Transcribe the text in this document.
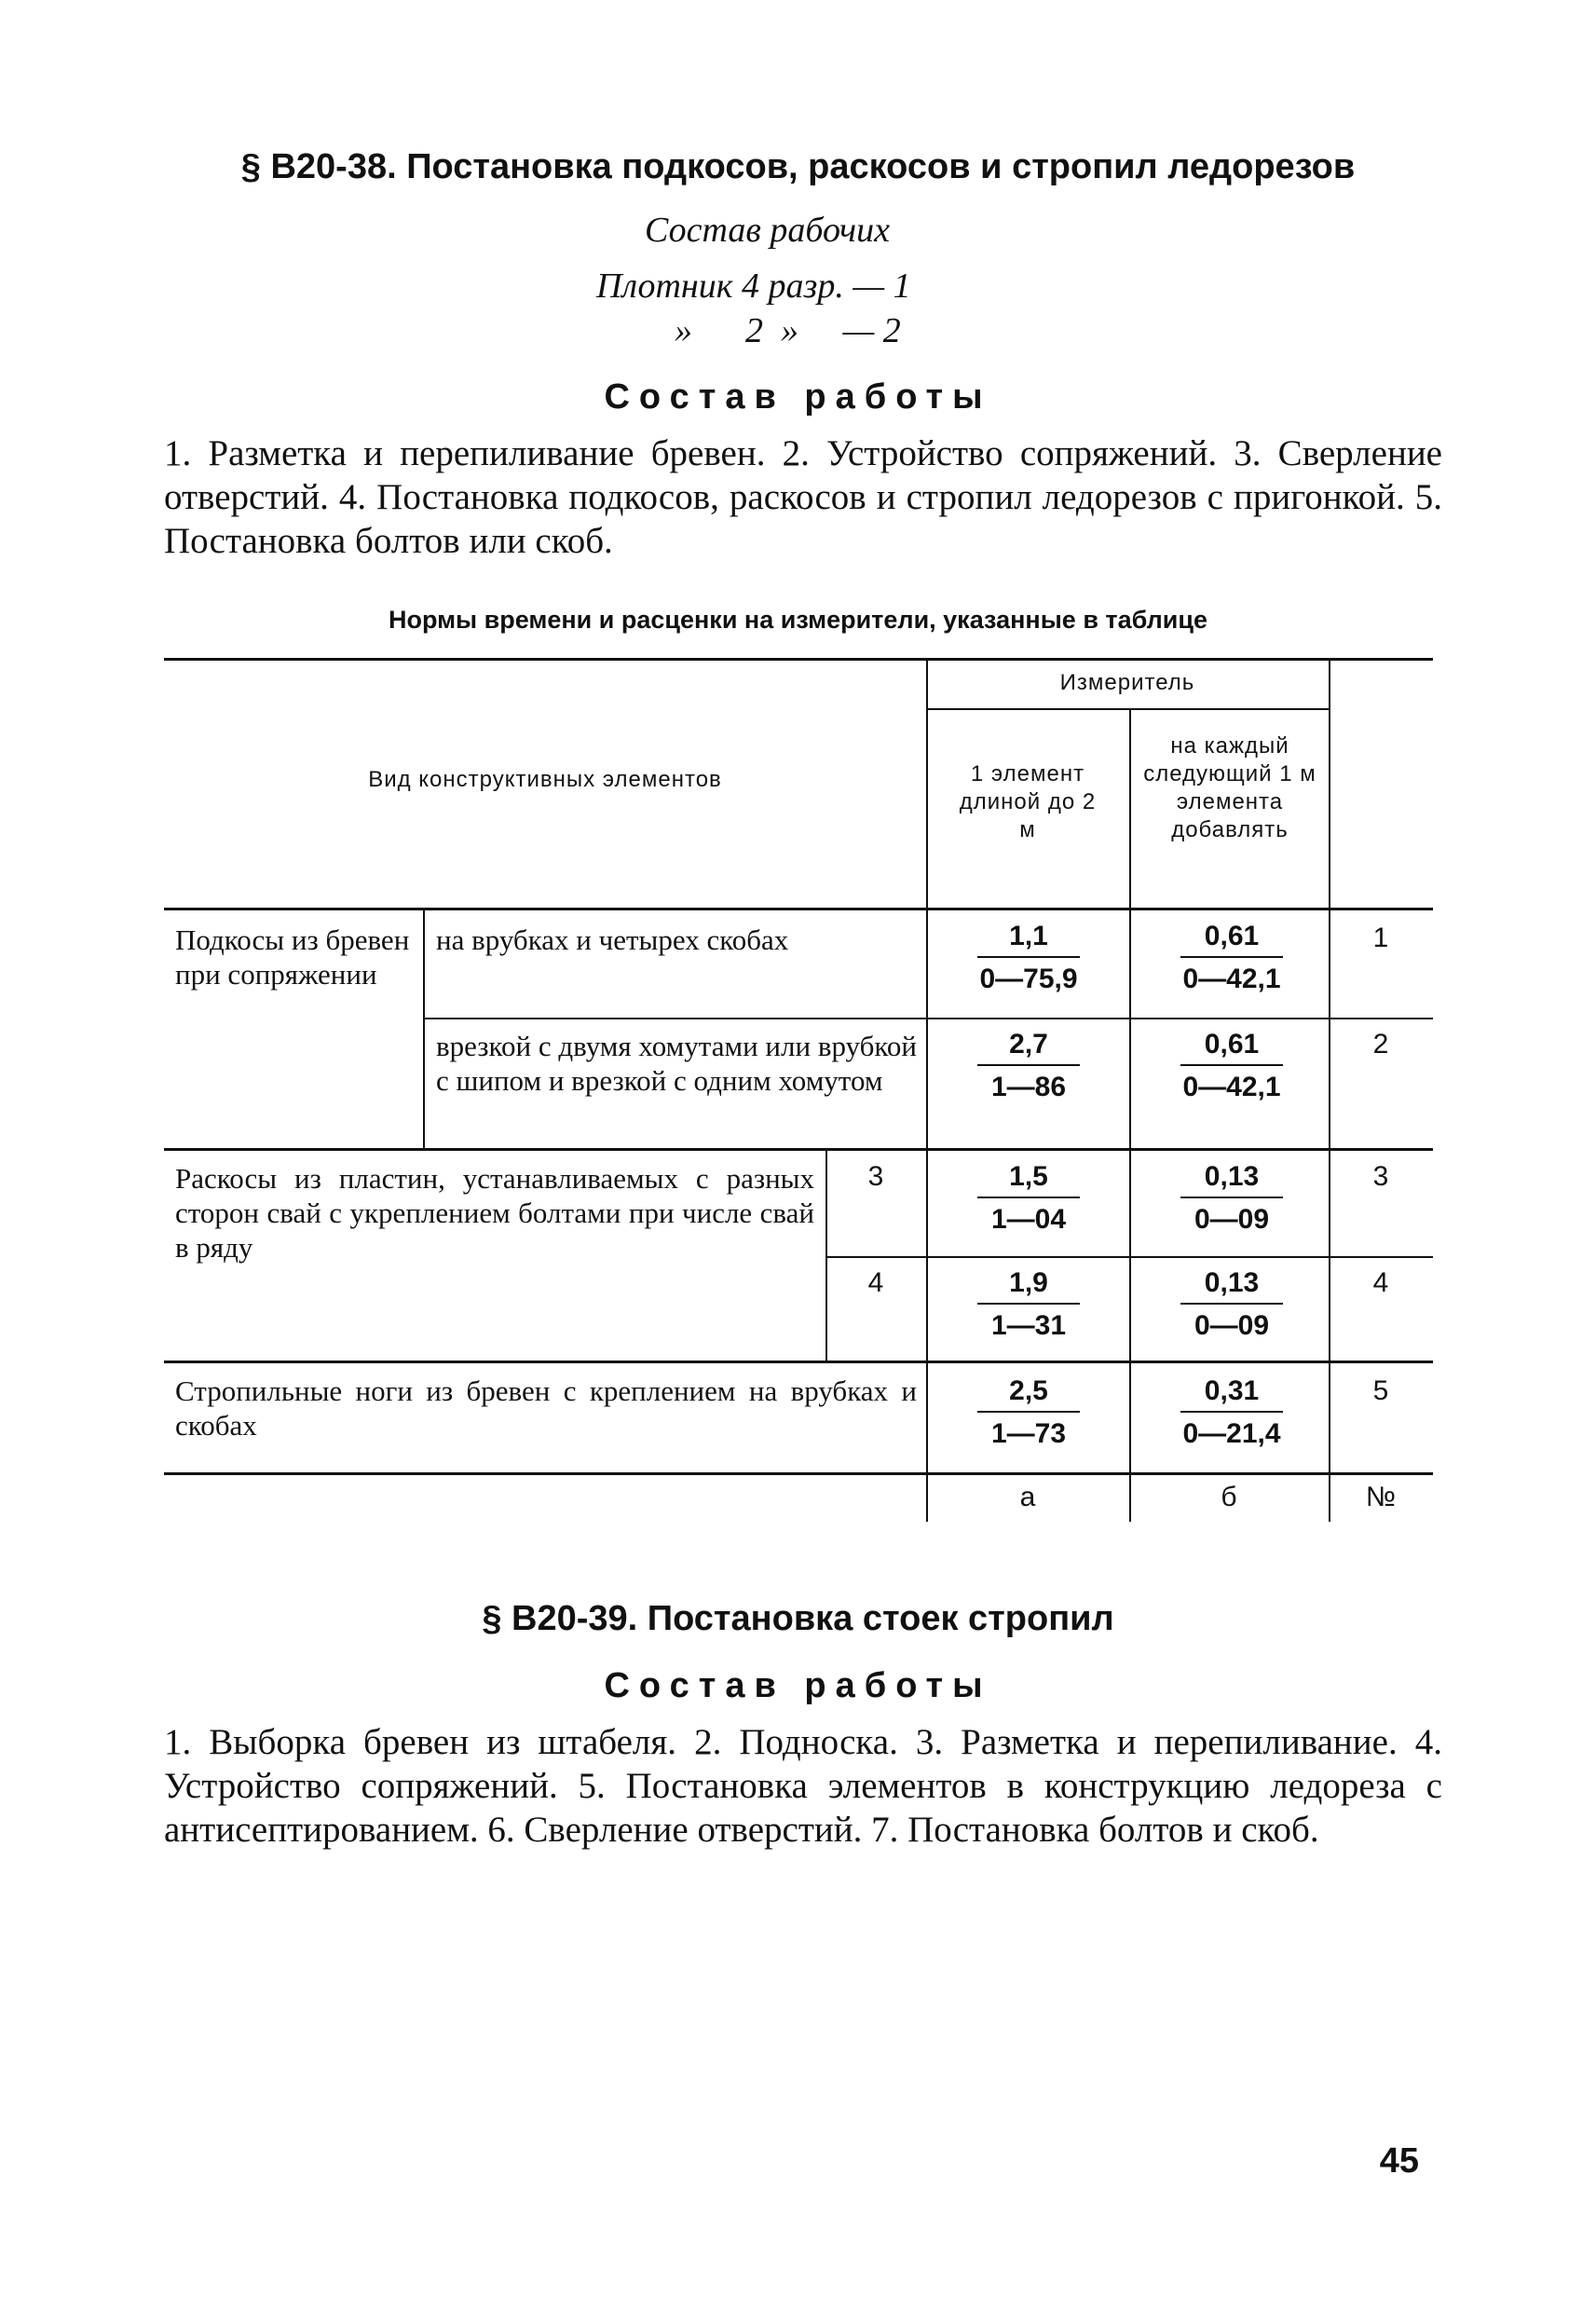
§ В20-38. Постановка подкосов, раскосов и стропил ледорезов
Состав рабочих
Плотник 4 разр. — 1
»      2  »     — 2
Состав работы
1. Разметка и перепиливание бревен. 2. Устройство сопряжений. 3. Сверление отверстий. 4. Постановка подкосов, раскосов и стропил ледорезов с пригонкой. 5. Постановка болтов или скоб.
Нормы времени и расценки на измерители, указанные в таблице
Вид конструктивных элементов
Измеритель
1 элемент длиной до 2 м
на каждый следующий 1 м элемента добавлять
Подкосы из бревен при сопряжении
Раскосы из пластин, устанавливаемых с разных сторон свай с укреплением болтами при числе свай в ряду
Стропильные ноги из бревен с креплением на врубках и скобах
на врубках и четырех скобах
врезкой с двумя хомутами или врубкой с шипом и врезкой с одним хомутом
3
4
1,1
0—75,9
0,61
0—42,1
1
2,7
1—86
0,61
0—42,1
2
1,5
1—04
0,13
0—09
3
1,9
1—31
0,13
0—09
4
2,5
1—73
0,31
0—21,4
5
а	б	№
§ В20-39. Постановка стоек стропил
Состав работы
1. Выборка бревен из штабеля. 2. Подноска. 3. Разметка и перепиливание. 4. Устройство сопряжений. 5. Постановка элементов в конструкцию ледореза с антисептированием. 6. Сверление отверстий. 7. Постановка болтов и скоб.
45
